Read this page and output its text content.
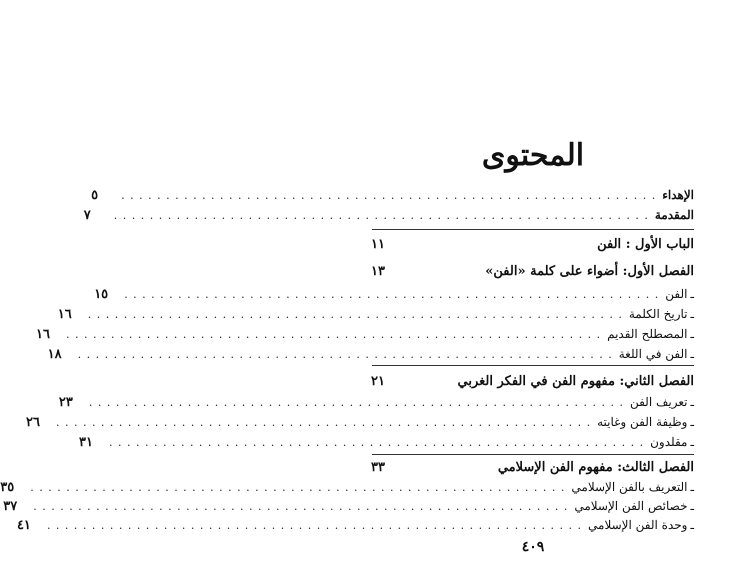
المحتوى
الإهداء
. . . . . . . . . . . . . . . . . . . . . . . . . . . . . . . . . . . . . . . . . . . . . . . . . . . . . . . . . . . .
٥
المقدمة
. . . . . . . . . . . . . . . . . . . . . . . . . . . . . . . . . . . . . . . . . . . . . . . . . . . . . . . . . . . .
٧
الباب الأول : الفن
١١
الفصل الأول: أضواء على كلمة «الفن»
١٣
ـ
الفن
. . . . . . . . . . . . . . . . . . . . . . . . . . . . . . . . . . . . . . . . . . . . . . . . . . . . . . . . . . . .
١٥
ـ
تاريخ الكلمة
. . . . . . . . . . . . . . . . . . . . . . . . . . . . . . . . . . . . . . . . . . . . . . . . . . . . . . . . . . . .
١٦
ـ
المصطلح القديم
. . . . . . . . . . . . . . . . . . . . . . . . . . . . . . . . . . . . . . . . . . . . . . . . . . . . . . . . . . . .
١٦
ـ
الفن في اللغة
. . . . . . . . . . . . . . . . . . . . . . . . . . . . . . . . . . . . . . . . . . . . . . . . . . . . . . . . . . . .
١٨
الفصل الثاني: مفهوم الفن في الفكر الغربي
٢١
ـ
تعريف الفن
. . . . . . . . . . . . . . . . . . . . . . . . . . . . . . . . . . . . . . . . . . . . . . . . . . . . . . . . . . . .
٢٣
ـ
وظيفة الفن وغايته
. . . . . . . . . . . . . . . . . . . . . . . . . . . . . . . . . . . . . . . . . . . . . . . . . . . . . . . . . . . .
٢٦
ـ
مقلدون
. . . . . . . . . . . . . . . . . . . . . . . . . . . . . . . . . . . . . . . . . . . . . . . . . . . . . . . . . . . .
٣١
الفصل الثالث: مفهوم الفن الإسلامي
٣٣
ـ
التعريف بالفن الإسلامي
. . . . . . . . . . . . . . . . . . . . . . . . . . . . . . . . . . . . . . . . . . . . . . . . . . . . . . . . . . . .
٣٥
ـ
خصائص الفن الإسلامي
. . . . . . . . . . . . . . . . . . . . . . . . . . . . . . . . . . . . . . . . . . . . . . . . . . . . . . . . . . . .
٣٧
ـ
وحدة الفن الإسلامي
. . . . . . . . . . . . . . . . . . . . . . . . . . . . . . . . . . . . . . . . . . . . . . . . . . . . . . . . . . . .
٤١
٤٠٩
